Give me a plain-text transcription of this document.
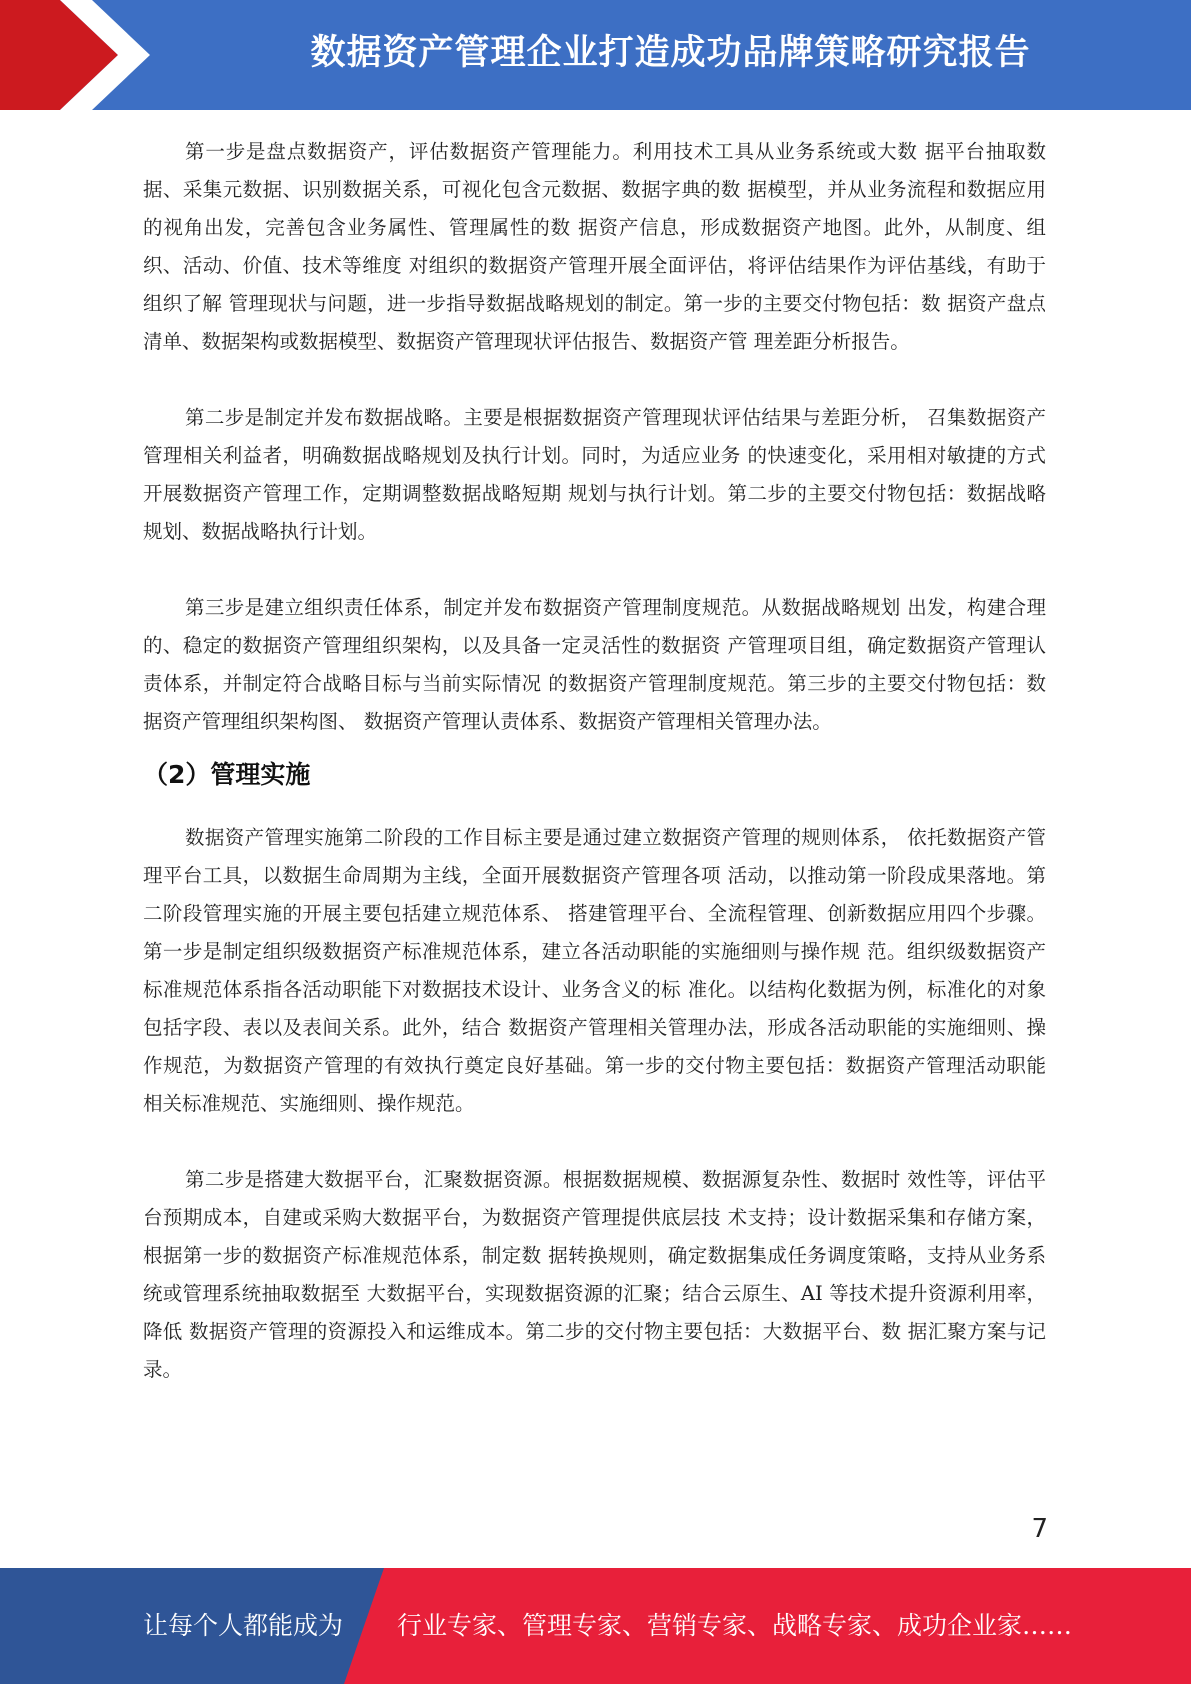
数据资产管理企业打造成功品牌策略研究报告

第一步是盘点数据资产，评估数据资产管理能力。利用技术工具从业务系统或大数 据平台抽取数据、采集元数据、识别数据关系，可视化包含元数据、数据字典的数 据模型，并从业务流程和数据应用的视角出发，完善包含业务属性、管理属性的数 据资产信息，形成数据资产地图。此外，从制度、组织、活动、价值、技术等维度 对组织的数据资产管理开展全面评估，将评估结果作为评估基线，有助于组织了解 管理现状与问题，进一步指导数据战略规划的制定。第一步的主要交付物包括：数 据资产盘点清单、数据架构或数据模型、数据资产管理现状评估报告、数据资产管 理差距分析报告。

第二步是制定并发布数据战略。主要是根据数据资产管理现状评估结果与差距分析， 召集数据资产管理相关利益者，明确数据战略规划及执行计划。同时，为适应业务 的快速变化，采用相对敏捷的方式开展数据资产管理工作，定期调整数据战略短期 规划与执行计划。第二步的主要交付物包括：数据战略规划、数据战略执行计划。

第三步是建立组织责任体系，制定并发布数据资产管理制度规范。从数据战略规划 出发，构建合理的、稳定的数据资产管理组织架构，以及具备一定灵活性的数据资 产管理项目组，确定数据资产管理认责体系，并制定符合战略目标与当前实际情况 的数据资产管理制度规范。第三步的主要交付物包括：数据资产管理组织架构图、 数据资产管理认责体系、数据资产管理相关管理办法。

（2）管理实施

数据资产管理实施第二阶段的工作目标主要是通过建立数据资产管理的规则体系， 依托数据资产管理平台工具，以数据生命周期为主线，全面开展数据资产管理各项 活动，以推动第一阶段成果落地。第二阶段管理实施的开展主要包括建立规范体系、 搭建管理平台、全流程管理、创新数据应用四个步骤。 第一步是制定组织级数据资产标准规范体系，建立各活动职能的实施细则与操作规 范。组织级数据资产标准规范体系指各活动职能下对数据技术设计、业务含义的标 准化。以结构化数据为例，标准化的对象包括字段、表以及表间关系。此外，结合 数据资产管理相关管理办法，形成各活动职能的实施细则、操作规范，为数据资产管理的有效执行奠定良好基础。第一步的交付物主要包括：数据资产管理活动职能 相关标准规范、实施细则、操作规范。

第二步是搭建大数据平台，汇聚数据资源。根据数据规模、数据源复杂性、数据时 效性等，评估平台预期成本，自建或采购大数据平台，为数据资产管理提供底层技 术支持；设计数据采集和存储方案，根据第一步的数据资产标准规范体系，制定数 据转换规则，确定数据集成任务调度策略，支持从业务系统或管理系统抽取数据至 大数据平台，实现数据资源的汇聚；结合云原生、AI 等技术提升资源利用率，降低 数据资产管理的资源投入和运维成本。第二步的交付物主要包括：大数据平台、数 据汇聚方案与记录。

7
让每个人都能成为 行业专家、管理专家、营销专家、战略专家、成功企业家……
